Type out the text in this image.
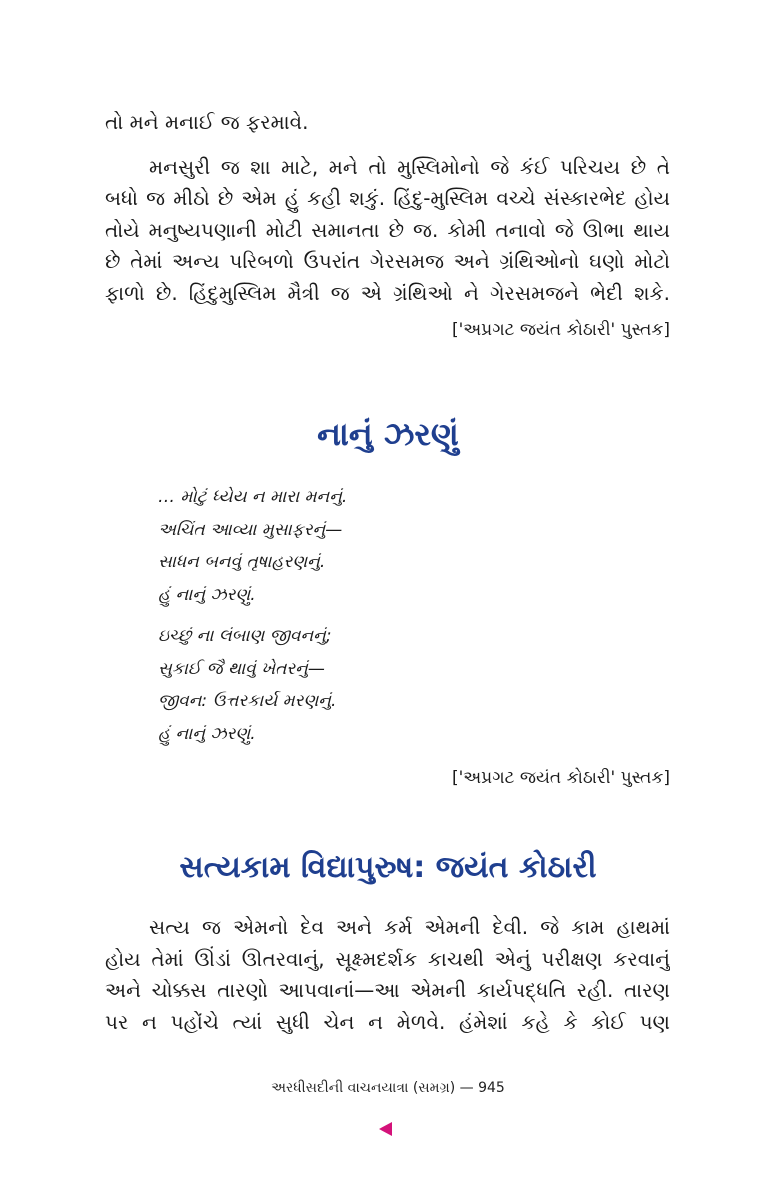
તો મને મનાઈ જ ફરમાવે.
મનસુરી જ શા માટે, મને તો મુસ્લિમોનો જે કંઈ પરિચય છે તે
બધો જ મીઠો છે એમ હું કહી શકું. હિંદુ-મુસ્લિમ વચ્ચે સંસ્કારભેદ હોય
તોયે મનુષ્યપણાની મોટી સમાનતા છે જ. કોમી તનાવો જે ઊભા થાય
છે તેમાં અન્ય પરિબળો ઉપરાંત ગેરસમજ અને ગ્રંથિઓનો ઘણો મોટો
ફાળો છે. હિંદુમુસ્લિમ મૈત્રી જ એ ગ્રંથિઓ ને ગેરસમજને ભેદી શકે.
['અપ્રગટ જયંત કોઠારી' પુસ્તક]
નાનું ઝરણું
… મોટું ધ્યેય ન મારા મનનું.
અચિંત આવ્યા મુસાફરનું—
સાધન બનવું તૃષાહરણનું.
હું નાનું ઝરણું.
ઇચ્છું ના લંબાણ જીવનનું;
સુકાઈ જૈ થાવું ખેતરનું—
જીવન: ઉત્તરકાર્ય મરણનું.
હું નાનું ઝરણું.
['અપ્રગટ જયંત કોઠારી' પુસ્તક]
સત્યકામ વિદ્યાપુરુષ: જયંત કોઠારી
સત્ય જ એમનો દેવ અને કર્મ એમની દેવી. જે કામ હાથમાં
હોય તેમાં ઊંડાં ઊતરવાનું, સૂક્ષ્મદર્શક કાચથી એનું પરીક્ષણ કરવાનું
અને ચોક્કસ તારણો આપવાનાં—આ એમની કાર્યપદ્ધતિ રહી. તારણ
પર ન પહોંચે ત્યાં સુધી ચેન ન મેળવે. હંમેશાં કહે કે કોઈ પણ
અરધીસદીની વાચનયાત્રા (સમગ્ર) — 945
